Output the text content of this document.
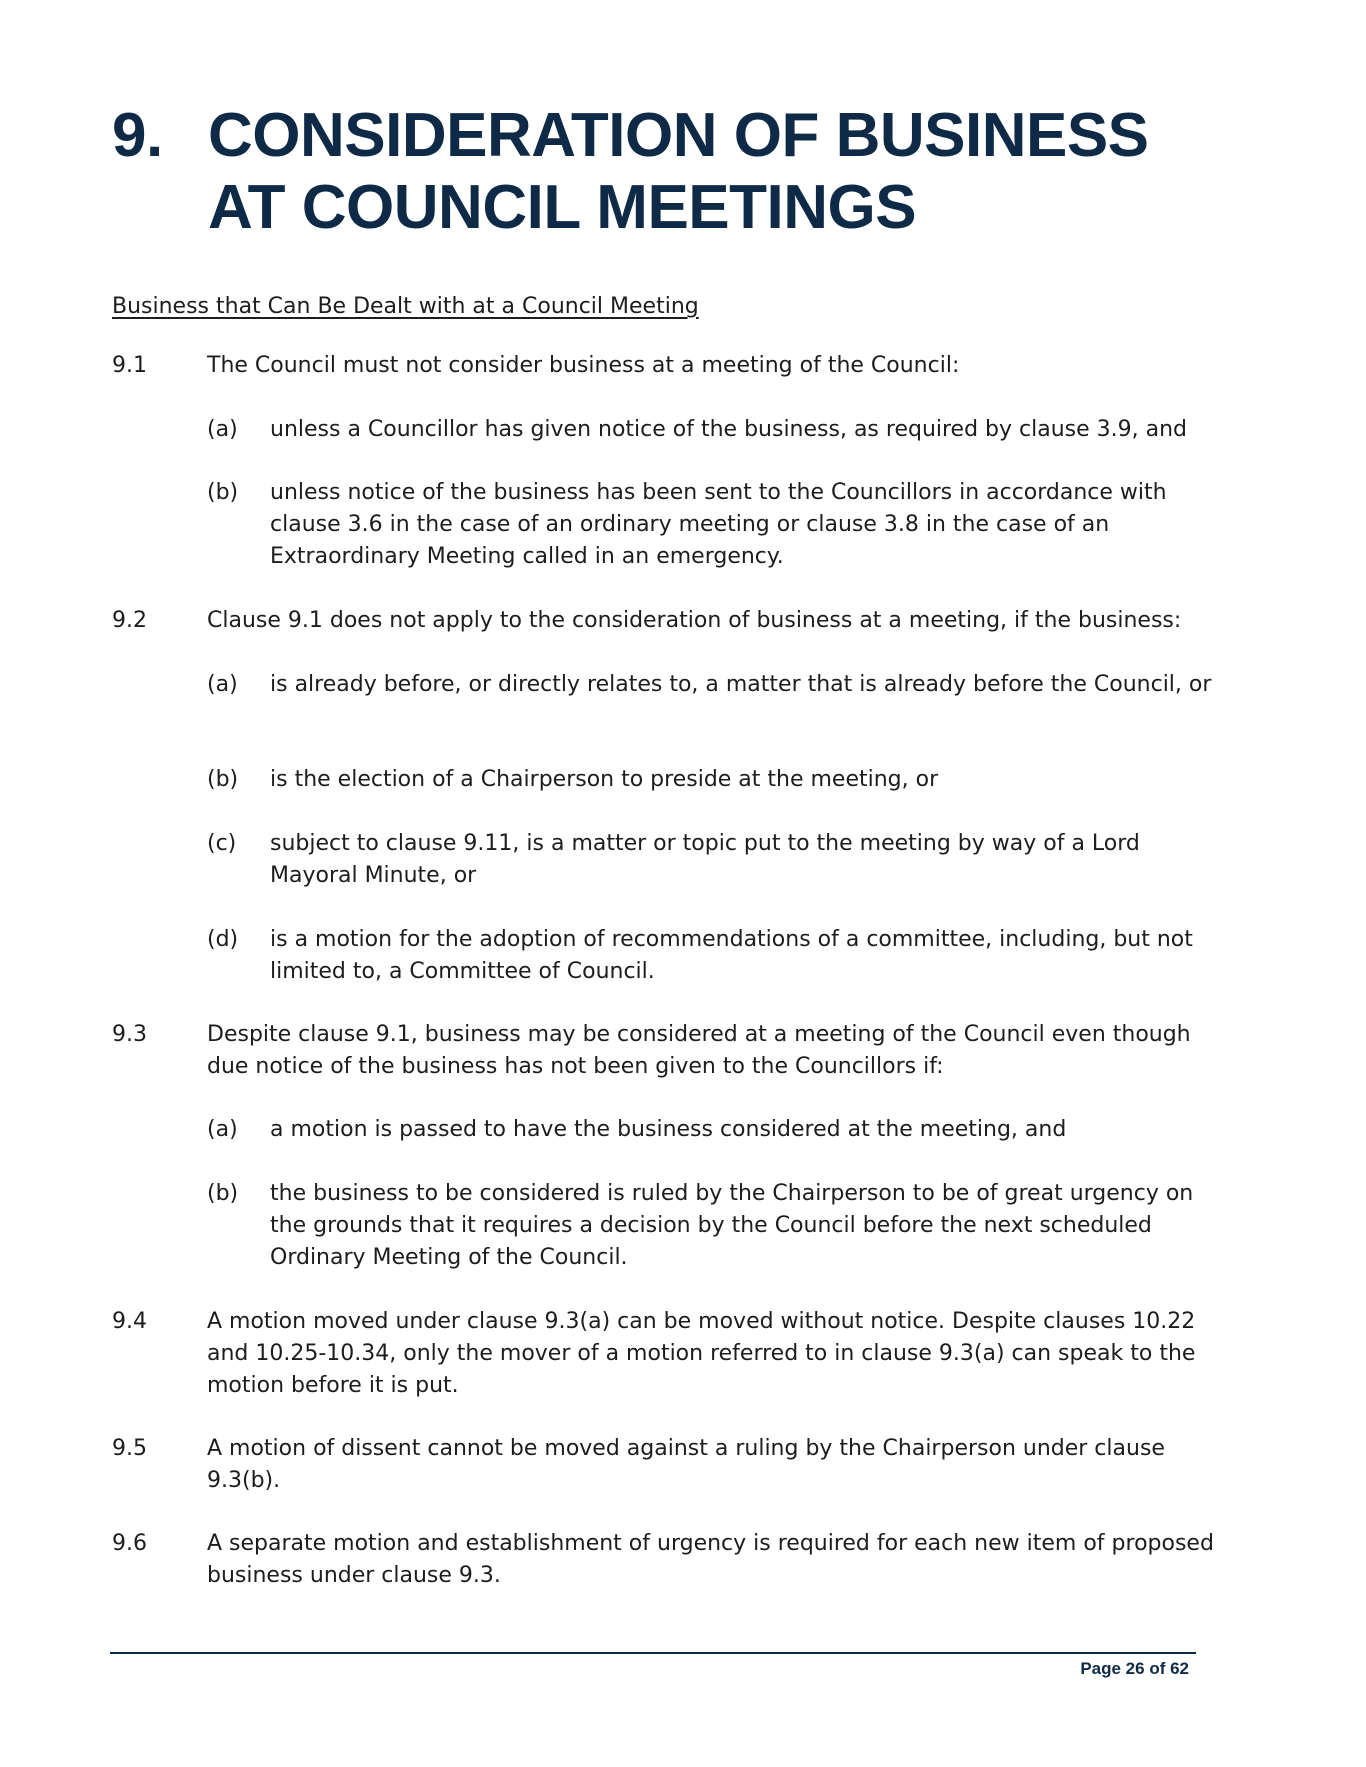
9. CONSIDERATION OF BUSINESS AT COUNCIL MEETINGS
Business that Can Be Dealt with at a Council Meeting
9.1	The Council must not consider business at a meeting of the Council:
(a) unless a Councillor has given notice of the business, as required by clause 3.9, and
(b) unless notice of the business has been sent to the Councillors in accordance with clause 3.6 in the case of an ordinary meeting or clause 3.8 in the case of an Extraordinary Meeting called in an emergency.
9.2	Clause 9.1 does not apply to the consideration of business at a meeting, if the business:
(a) is already before, or directly relates to, a matter that is already before the Council, or
(b) is the election of a Chairperson to preside at the meeting, or
(c) subject to clause 9.11, is a matter or topic put to the meeting by way of a Lord Mayoral Minute, or
(d) is a motion for the adoption of recommendations of a committee, including, but not limited to, a Committee of Council.
9.3	Despite clause 9.1, business may be considered at a meeting of the Council even though due notice of the business has not been given to the Councillors if:
(a) a motion is passed to have the business considered at the meeting, and
(b) the business to be considered is ruled by the Chairperson to be of great urgency on the grounds that it requires a decision by the Council before the next scheduled Ordinary Meeting of the Council.
9.4	A motion moved under clause 9.3(a) can be moved without notice. Despite clauses 10.22 and 10.25-10.34, only the mover of a motion referred to in clause 9.3(a) can speak to the motion before it is put.
9.5	A motion of dissent cannot be moved against a ruling by the Chairperson under clause 9.3(b).
9.6	A separate motion and establishment of urgency is required for each new item of proposed business under clause 9.3.
Page 26 of 62
